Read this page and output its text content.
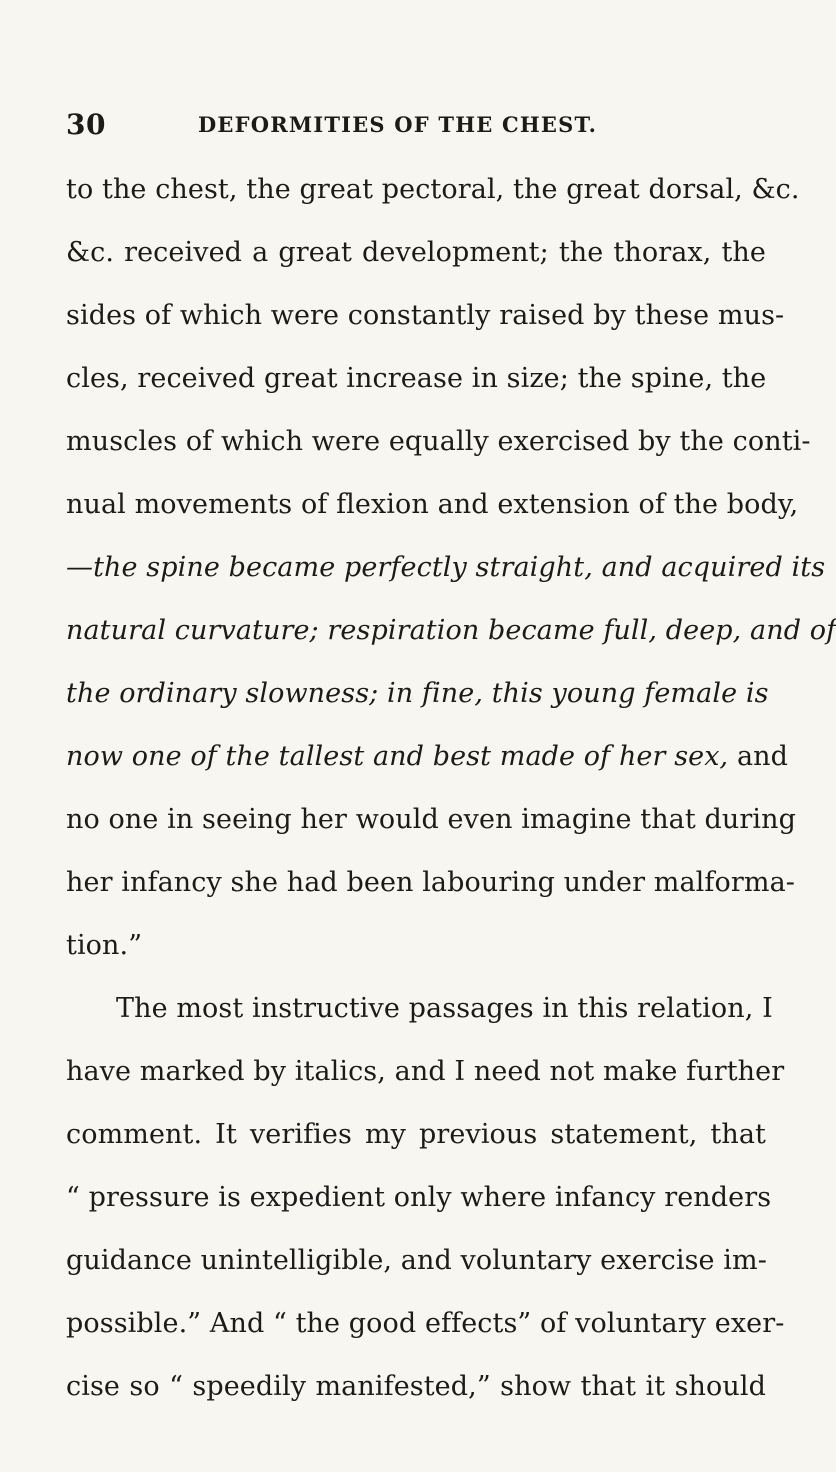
30	DEFORMITIES OF THE CHEST.
to the chest, the great pectoral, the great dorsal, &c.
&c. received a great development; the thorax, the
sides of which were constantly raised by these mus-
cles, received great increase in size; the spine, the
muscles of which were equally exercised by the conti-
nual movements of flexion and extension of the body,
—the spine became perfectly straight, and acquired its
natural curvature; respiration became full, deep, and of
the ordinary slowness; in fine, this young female is
now one of the tallest and best made of her sex, and
no one in seeing her would even imagine that during
her infancy she had been labouring under malforma-
tion.”
The most instructive passages in this relation, I
have marked by italics, and I need not make further
comment. It verifies my previous statement, that
“ pressure is expedient only where infancy renders
guidance unintelligible, and voluntary exercise im-
possible.” And “ the good effects” of voluntary exer-
cise so “ speedily manifested,” show that it should
